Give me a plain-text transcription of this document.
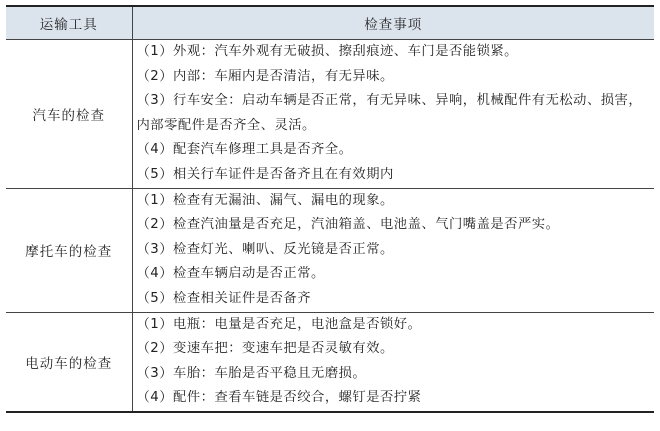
运输工具	检查事项
汽车的检查	（1）外观：汽车外观有无破损、擦刮痕迹、车门是否能锁紧。
（2）内部：车厢内是否清洁，有无异味。
（3）行车安全：启动车辆是否正常，有无异味、异响，机械配件有无松动、损害，内部零配件是否齐全、灵活。
（4）配套汽车修理工具是否齐全。
（5）相关行车证件是否备齐且在有效期内

摩托车的检查	（1）检查有无漏油、漏气、漏电的现象。
（2）检查汽油量是否充足，汽油箱盖、电池盖、气门嘴盖是否严实。
（3）检查灯光、喇叭、反光镜是否正常。
（4）检查车辆启动是否正常。
（5）检查相关证件是否备齐

电动车的检查	（1）电瓶：电量是否充足，电池盒是否锁好。
（2）变速车把：变速车把是否灵敏有效。
（3）车胎：车胎是否平稳且无磨损。
（4）配件：查看车链是否绞合，螺钉是否拧紧
